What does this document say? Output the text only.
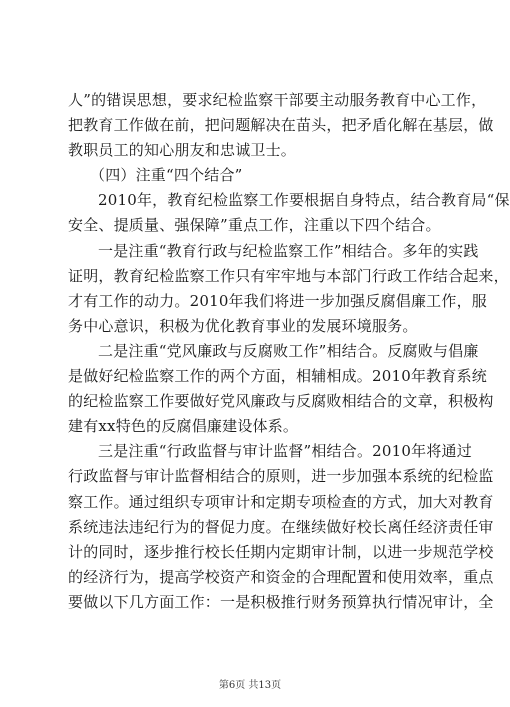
人”的错误思想，要求纪检监察干部要主动服务教育中心工作，
把教育工作做在前，把问题解决在苗头，把矛盾化解在基层，做
教职员工的知心朋友和忠诚卫士。
（四）注重“四个结合”
2010年，教育纪检监察工作要根据自身特点，结合教育局“保
安全、提质量、强保障”重点工作，注重以下四个结合。
一是注重“教育行政与纪检监察工作”相结合。多年的实践
证明，教育纪检监察工作只有牢牢地与本部门行政工作结合起来，
才有工作的动力。2010年我们将进一步加强反腐倡廉工作，服
务中心意识，积极为优化教育事业的发展环境服务。
二是注重“党风廉政与反腐败工作”相结合。反腐败与倡廉
是做好纪检监察工作的两个方面，相辅相成。2010年教育系统
的纪检监察工作要做好党风廉政与反腐败相结合的文章，积极构
建有xx特色的反腐倡廉建设体系。
三是注重“行政监督与审计监督”相结合。2010年将通过
行政监督与审计监督相结合的原则，进一步加强本系统的纪检监
察工作。通过组织专项审计和定期专项检查的方式，加大对教育
系统违法违纪行为的督促力度。在继续做好校长离任经济责任审
计的同时，逐步推行校长任期内定期审计制，以进一步规范学校
的经济行为，提高学校资产和资金的合理配置和使用效率，重点
要做以下几方面工作：一是积极推行财务预算执行情况审计，全
第6页 共13页
